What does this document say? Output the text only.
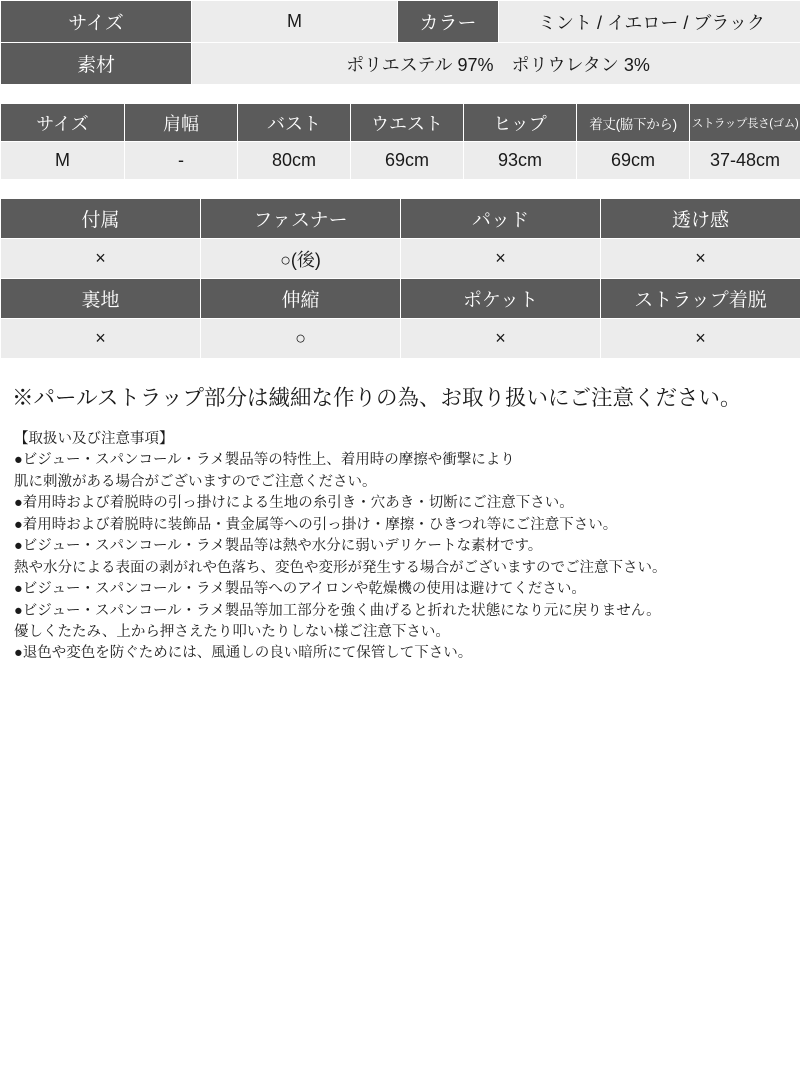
サイズ	M	カラー	ミント / イエロー / ブラック
素材	ポリエステル 97%　ポリウレタン 3%		
サイズ	肩幅	バスト	ウエスト	ヒップ	着丈(脇下から)	ストラップ長さ(ゴム)
M	-	80cm	69cm	93cm	69cm	37-48cm
付属	ファスナー	パッド	透け感
×	○(後)	×	×
裏地	伸縮	ポケット	ストラップ着脱
×	○	×	×
※パールストラップ部分は繊細な作りの為、お取り扱いにご注意ください。
【取扱い及び注意事項】
●ビジュー・スパンコール・ラメ製品等の特性上、着用時の摩擦や衝撃により
肌に刺激がある場合がございますのでご注意ください。
●着用時および着脱時の引っ掛けによる生地の糸引き・穴あき・切断にご注意下さい。
●着用時および着脱時に装飾品・貴金属等への引っ掛け・摩擦・ひきつれ等にご注意下さい。
●ビジュー・スパンコール・ラメ製品等は熱や水分に弱いデリケートな素材です。
熱や水分による表面の剥がれや色落ち、変色や変形が発生する場合がございますのでご注意下さい。
●ビジュー・スパンコール・ラメ製品等へのアイロンや乾燥機の使用は避けてください。
●ビジュー・スパンコール・ラメ製品等加工部分を強く曲げると折れた状態になり元に戻りません。
優しくたたみ、上から押さえたり叩いたりしない様ご注意下さい。
●退色や変色を防ぐためには、風通しの良い暗所にて保管して下さい。
